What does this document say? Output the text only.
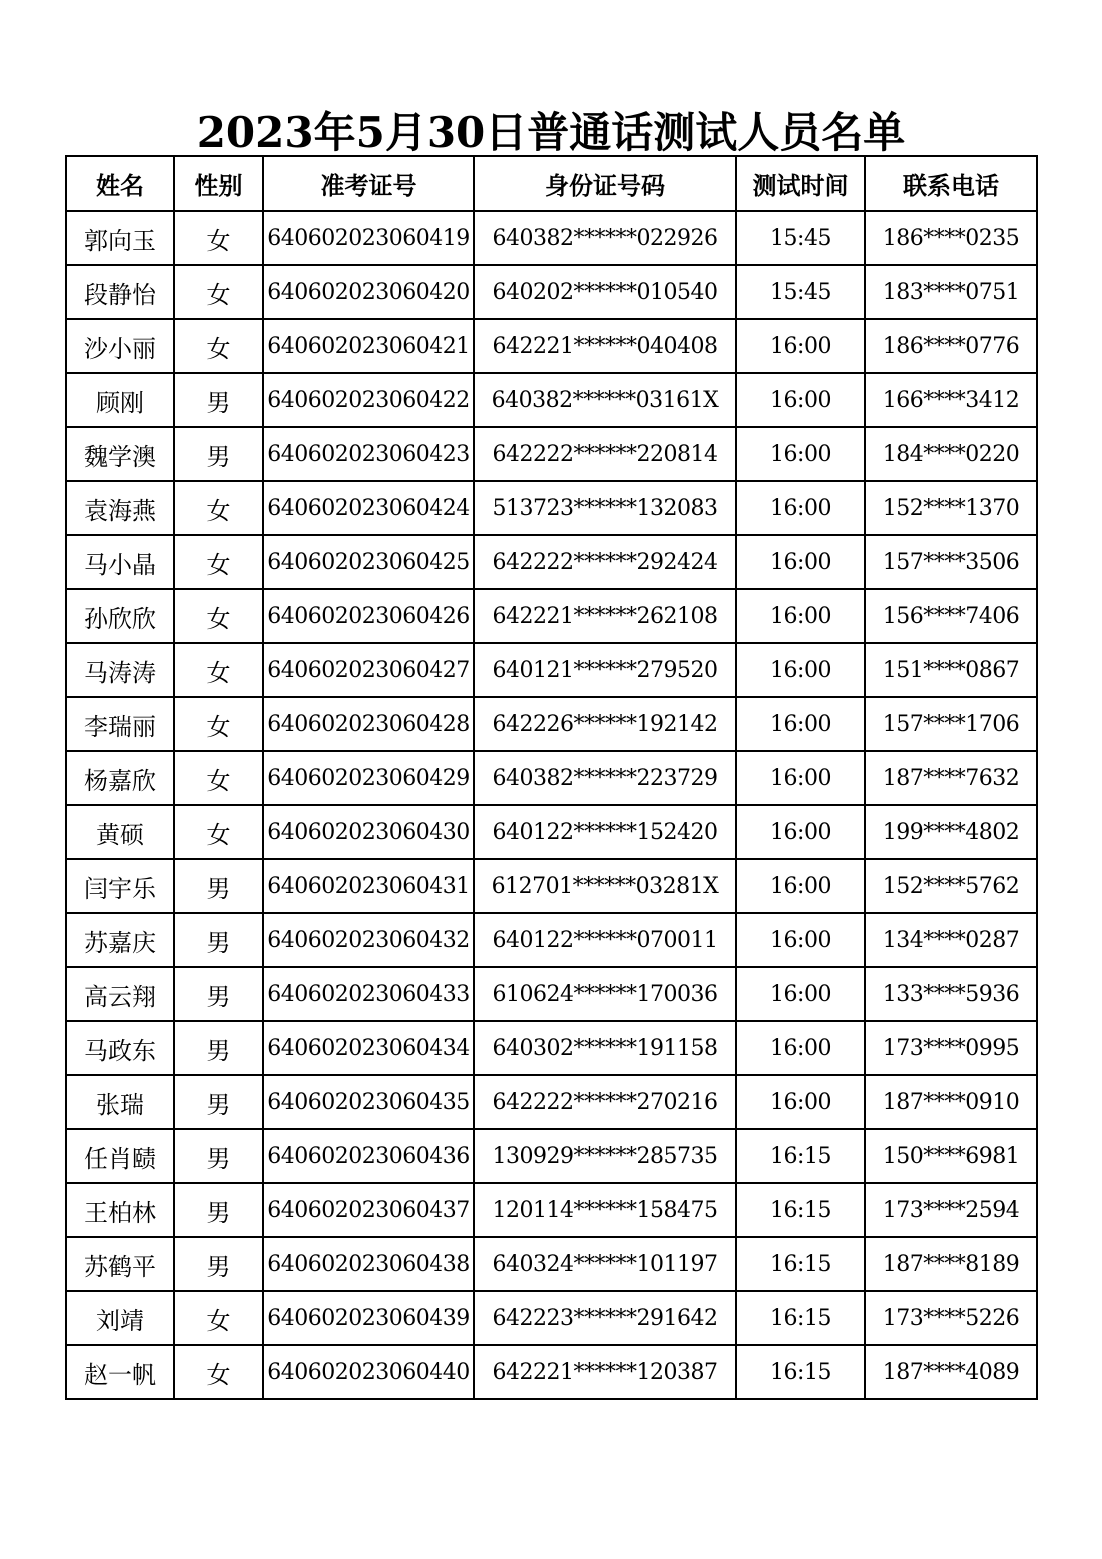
2023年5月30日普通话测试人员名单
姓名	性别	准考证号	身份证号码	测试时间	联系电话
郭向玉	女	640602023060419	640382******022926	15:45	186****0235
段静怡	女	640602023060420	640202******010540	15:45	183****0751
沙小丽	女	640602023060421	642221******040408	16:00	186****0776
顾刚	男	640602023060422	640382******03161X	16:00	166****3412
魏学澳	男	640602023060423	642222******220814	16:00	184****0220
袁海燕	女	640602023060424	513723******132083	16:00	152****1370
马小晶	女	640602023060425	642222******292424	16:00	157****3506
孙欣欣	女	640602023060426	642221******262108	16:00	156****7406
马涛涛	女	640602023060427	640121******279520	16:00	151****0867
李瑞丽	女	640602023060428	642226******192142	16:00	157****1706
杨嘉欣	女	640602023060429	640382******223729	16:00	187****7632
黄硕	女	640602023060430	640122******152420	16:00	199****4802
闫宇乐	男	640602023060431	612701******03281X	16:00	152****5762
苏嘉庆	男	640602023060432	640122******070011	16:00	134****0287
高云翔	男	640602023060433	610624******170036	16:00	133****5936
马政东	男	640602023060434	640302******191158	16:00	173****0995
张瑞	男	640602023060435	642222******270216	16:00	187****0910
任肖赜	男	640602023060436	130929******285735	16:15	150****6981
王柏林	男	640602023060437	120114******158475	16:15	173****2594
苏鹤平	男	640602023060438	640324******101197	16:15	187****8189
刘靖	女	640602023060439	642223******291642	16:15	173****5226
赵一帆	女	640602023060440	642221******120387	16:15	187****4089
